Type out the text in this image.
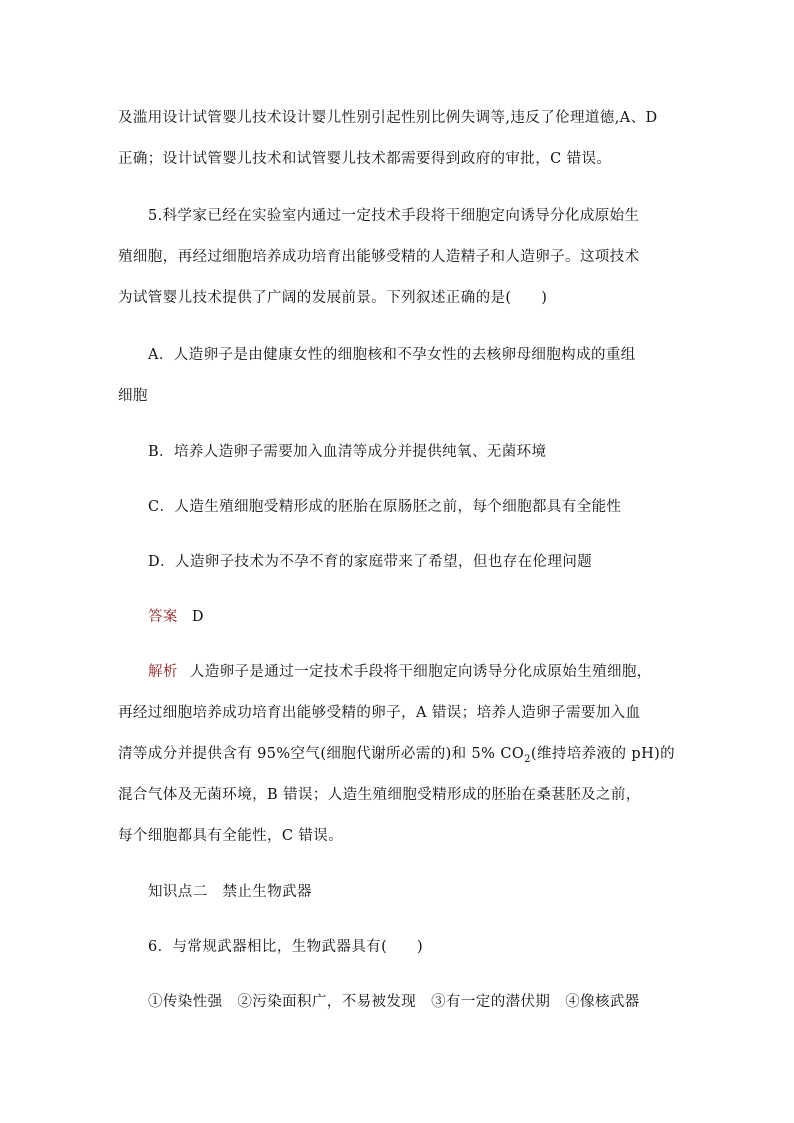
及滥用设计试管婴儿技术设计婴儿性别引起性别比例失调等,违反了伦理道德,A、D
正确；设计试管婴儿技术和试管婴儿技术都需要得到政府的审批，C 错误。
5.科学家已经在实验室内通过一定技术手段将干细胞定向诱导分化成原始生
殖细胞，再经过细胞培养成功培育出能够受精的人造精子和人造卵子。这项技术
为试管婴儿技术提供了广阔的发展前景。下列叙述正确的是(　　)
A．人造卵子是由健康女性的细胞核和不孕女性的去核卵母细胞构成的重组
细胞
B．培养人造卵子需要加入血清等成分并提供纯氧、无菌环境
C．人造生殖细胞受精形成的胚胎在原肠胚之前，每个细胞都具有全能性
D．人造卵子技术为不孕不育的家庭带来了希望，但也存在伦理问题
答案 D
解析 人造卵子是通过一定技术手段将干细胞定向诱导分化成原始生殖细胞，
再经过细胞培养成功培育出能够受精的卵子，A 错误；培养人造卵子需要加入血
清等成分并提供含有 95%空气(细胞代谢所必需的)和 5% $CO_2$(维持培养液的 pH)的
混合气体及无菌环境，B 错误；人造生殖细胞受精形成的胚胎在桑葚胚及之前，
每个细胞都具有全能性，C 错误。
知识点二　禁止生物武器
6．与常规武器相比，生物武器具有(　　)
①传染性强　②污染面积广，不易被发现　③有一定的潜伏期　④像核武器
